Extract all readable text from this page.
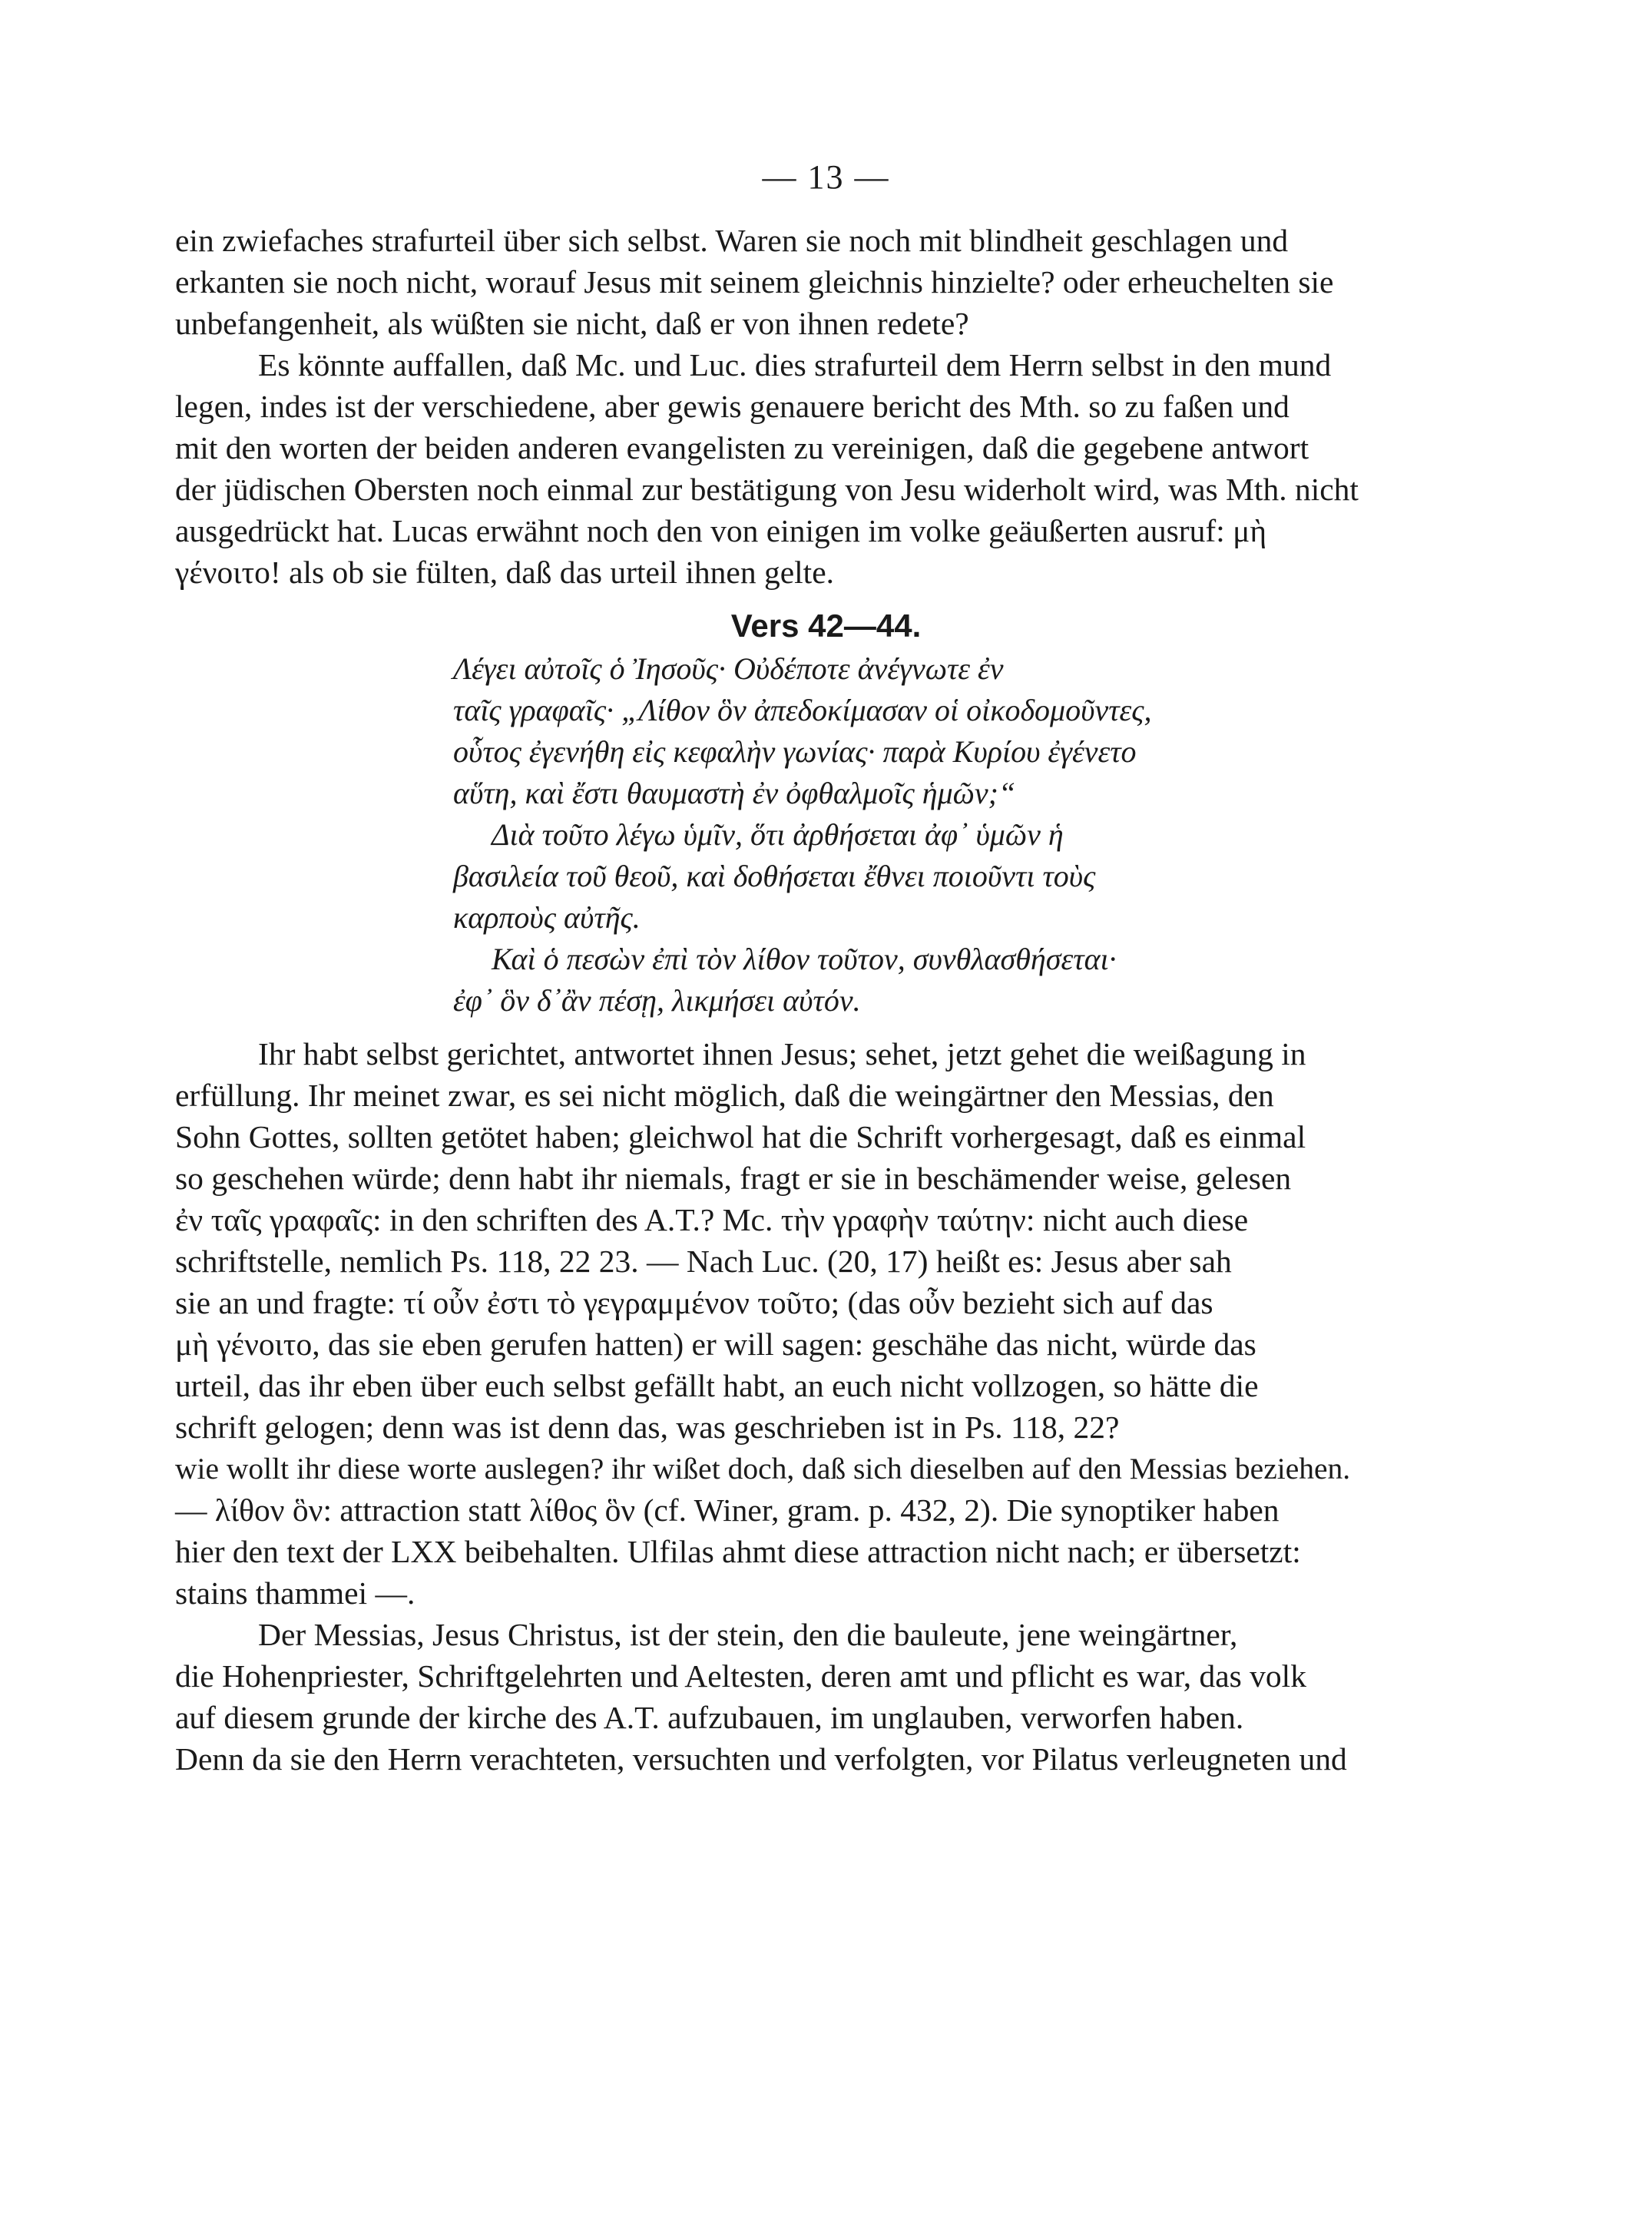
— 13 —
ein zwiefaches strafurteil über sich selbst. Waren sie noch mit blindheit geschlagen und
erkanten sie noch nicht, worauf Jesus mit seinem gleichnis hinzielte? oder erheuchelten sie
unbefangenheit, als wüßten sie nicht, daß er von ihnen redete?
Es könnte auffallen, daß Mc. und Luc. dies strafurteil dem Herrn selbst in den mund
legen, indes ist der verschiedene, aber gewis genauere bericht des Mth. so zu faßen und
mit den worten der beiden anderen evangelisten zu vereinigen, daß die gegebene antwort
der jüdischen Obersten noch einmal zur bestätigung von Jesu widerholt wird, was Mth. nicht
ausgedrückt hat. Lucas erwähnt noch den von einigen im volke geäußerten ausruf: μὴ
γένοιτο! als ob sie fülten, daß das urteil ihnen gelte.
Vers 42—44.
Λέγει αὐτοῖς ὁ Ἰησοῦς· Οὐδέποτε ἀνέγνωτε ἐν
ταῖς γραφαῖς· „Λίθον ὃν ἀπεδοκίμασαν οἱ οἰκοδομοῦντες,
οὗτος ἐγενήθη εἰς κεφαλὴν γωνίας· παρὰ Κυρίου ἐγένετο
αὕτη, καὶ ἔστι θαυμαστὴ ἐν ὀφθαλμοῖς ἡμῶν;“
Διὰ τοῦτο λέγω ὑμῖν, ὅτι ἀρθήσεται ἀφ᾽ ὑμῶν ἡ
βασιλεία τοῦ θεοῦ, καὶ δοθήσεται ἔθνει ποιοῦντι τοὺς
καρποὺς αὐτῆς.
Καὶ ὁ πεσὼν ἐπὶ τὸν λίθον τοῦτον, συνθλασθήσεται·
ἐφ᾽ ὃν δ᾽ἂν πέσῃ, λικμήσει αὐτόν.
Ihr habt selbst gerichtet, antwortet ihnen Jesus; sehet, jetzt gehet die weißagung in
erfüllung. Ihr meinet zwar, es sei nicht möglich, daß die weingärtner den Messias, den
Sohn Gottes, sollten getötet haben; gleichwol hat die Schrift vorhergesagt, daß es einmal
so geschehen würde; denn habt ihr niemals, fragt er sie in beschämender weise, gelesen
ἐν ταῖς γραφαῖς: in den schriften des A.T.? Mc. τὴν γραφὴν ταύτην: nicht auch diese
schriftstelle, nemlich Ps. 118, 22 23. — Nach Luc. (20, 17) heißt es: Jesus aber sah
sie an und fragte: τί οὖν ἐστι τὸ γεγραμμένον τοῦτο; (das οὖν bezieht sich auf das
μὴ γένοιτο, das sie eben gerufen hatten) er will sagen: geschähe das nicht, würde das
urteil, das ihr eben über euch selbst gefällt habt, an euch nicht vollzogen, so hätte die
schrift gelogen; denn was ist denn das, was geschrieben ist in Ps. 118, 22?
wie wollt ihr diese worte auslegen? ihr wißet doch, daß sich dieselben auf den Messias beziehen.
— λίθον ὃν: attraction statt λίθος ὃν (cf. Winer, gram. p. 432, 2). Die synoptiker haben
hier den text der LXX beibehalten. Ulfilas ahmt diese attraction nicht nach; er übersetzt:
stains thammei —.
Der Messias, Jesus Christus, ist der stein, den die bauleute, jene weingärtner,
die Hohenpriester, Schriftgelehrten und Aeltesten, deren amt und pflicht es war, das volk
auf diesem grunde der kirche des A.T. aufzubauen, im unglauben, verworfen haben.
Denn da sie den Herrn verachteten, versuchten und verfolgten, vor Pilatus verleugneten und
